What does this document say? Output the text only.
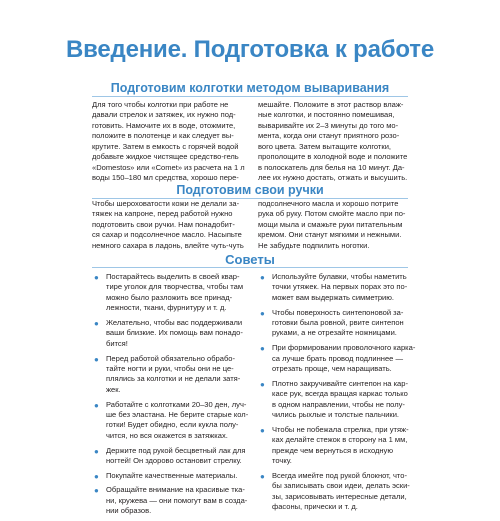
Введение. Подготовка к работе
Подготовим колготки методом вываривания

Для того чтобы колготки при работе не
давали стрелок и затяжек, их нужно под-
готовить. Намочите их в воде, отожмите,
положите в полотенце и как следует вы-
крутите. Затем в емкость с горячей водой
добавьте жидкое чистящее средство-гель
«Domestos» или «Comet» из расчета на 1 л
воды 150–180 мл средства, хорошо пере-

мешайте. Положите в этот раствор влаж-
ные колготки, и постоянно помешивая,
вываривайте их 2–3 минуты до того мо-
мента, когда они станут приятного розо-
вого цвета. Затем вытащите колготки,
прополощите в холодной воде и положите
в полоскатель для белья на 10 минут. Да-
лее их нужно достать, отжать и высушить.

Подготовим свои ручки

Чтобы шероховатости кожи не делали за-
тяжек на капроне, перед работой нужно
подготовить свои ручки. Нам понадобит-
ся сахар и подсолнечное масло. Насыпьте
немного сахара в ладонь, влейте чуть-чуть

подсолнечного масла и хорошо потрите
рука об руку. Потом смойте масло при по-
мощи мыла и смажьте руки питательным
кремом. Они станут мягкими и нежными.
Не забудьте подпилить ноготки.

Советы
● Постарайтесь выделить в своей квар-
тире уголок для творчества, чтобы там
можно было разложить все принад-
лежности, ткани, фурнитуру и т. д.
● Желательно, чтобы вас поддерживали
ваши близкие. Их помощь вам понадо-
бится!
● Перед работой обязательно обрабо-
тайте ногти и руки, чтобы они не це-
плялись за колготки и не делали затя-
жек.
● Работайте с колготками 20–30 ден, луч-
ше без эластана. Не берите старые кол-
готки! Будет обидно, если кукла полу-
чится, но вся окажется в затяжках.
● Держите под рукой бесцветный лак для
ногтей! Он здорово остановит стрелку.
● Покупайте качественные материалы.
● Обращайте внимание на красивые тка-
ни, кружева — они помогут вам в созда-
нии образов.
● Используйте булавки, чтобы наметить
точки утяжек. На первых порах это по-
может вам выдержать симметрию.
● Чтобы поверхность синтепоновой за-
готовки была ровной, рвите синтепон
руками, а не отрезайте ножницами.
● При формировании проволочного карка-
са лучше брать провод подлиннее —
отрезать проще, чем наращивать.
● Плотно закручивайте синтепон на кар-
касе рук, всегда вращая каркас только
в одном направлении, чтобы не полу-
чились рыхлые и толстые пальчики.
● Чтобы не побежала стрелка, при утяж-
ках делайте стежок в сторону на 1 мм,
прежде чем вернуться в исходную
точку.
● Всегда имейте под рукой блокнот, что-
бы записывать свои идеи, делать эски-
зы, зарисовывать интересные детали,
фасоны, прически и т. д.
